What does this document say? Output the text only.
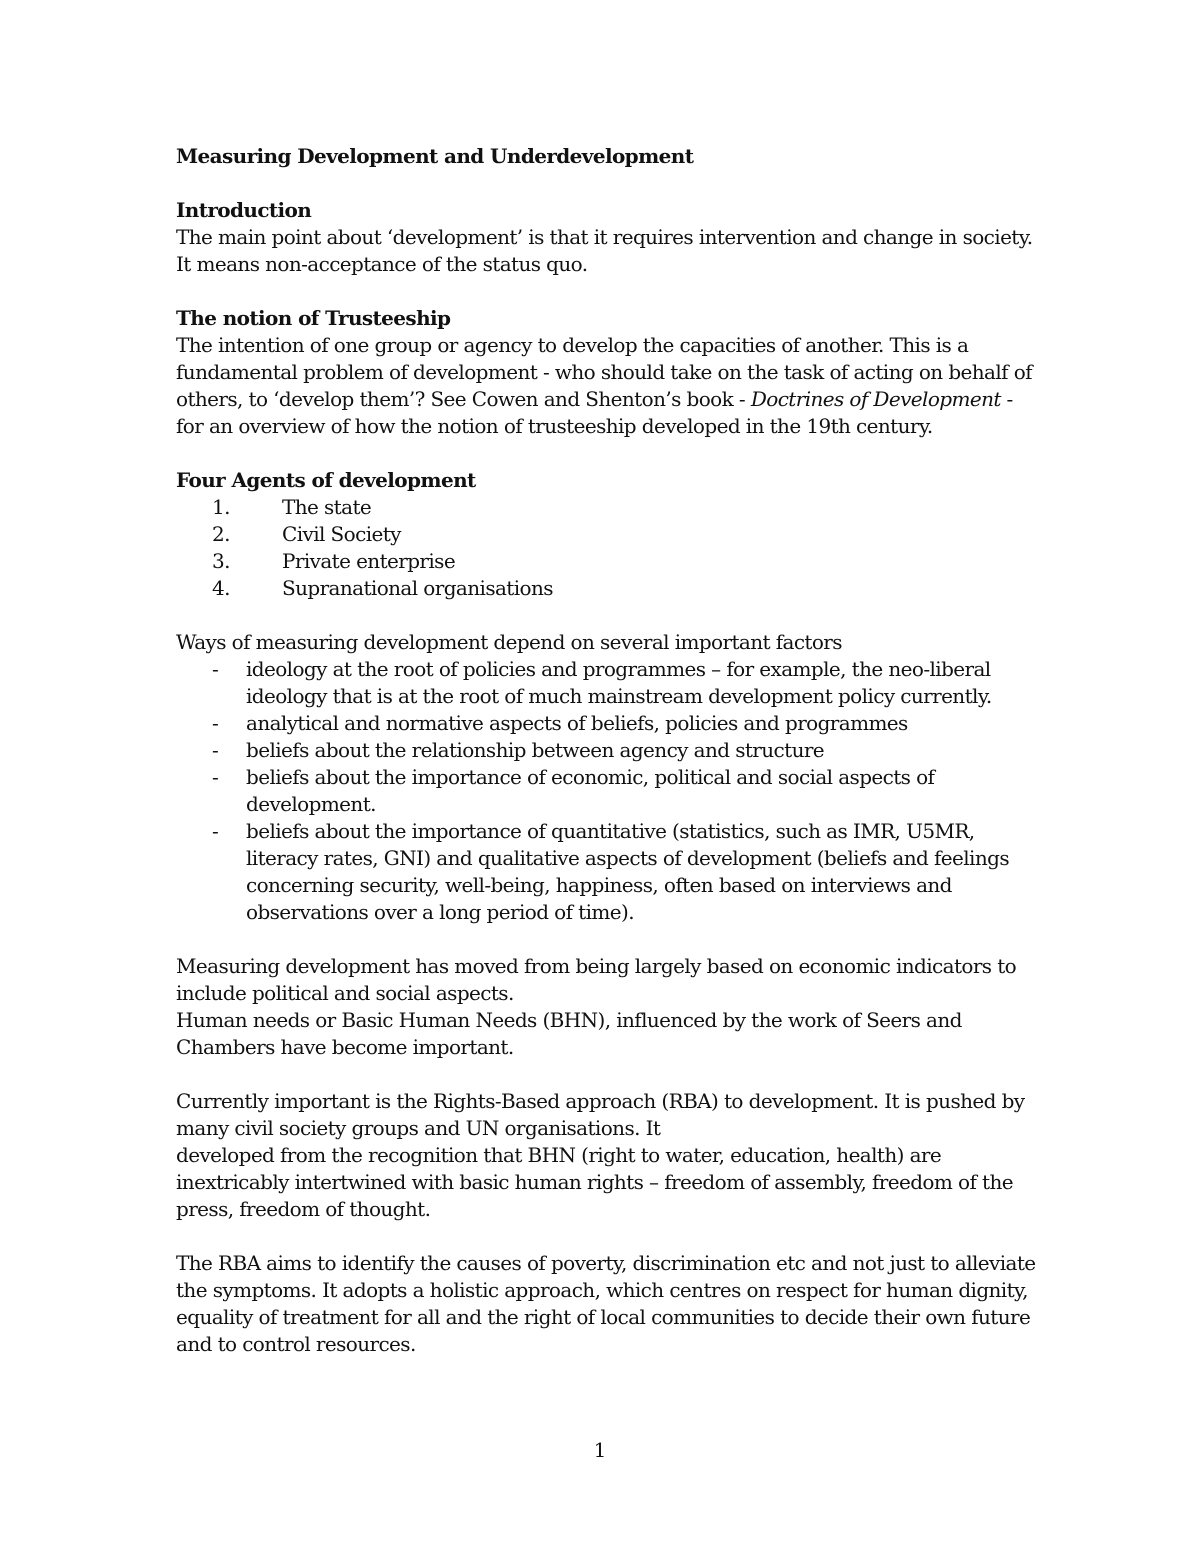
Measuring Development and Underdevelopment

Introduction

The main point about ‘development’ is that it requires intervention and change in society. It means non-acceptance of the status quo.

The notion of Trusteeship

The intention of one group or agency to develop the capacities of another. This is a fundamental problem of development - who should take on the task of acting on behalf of others, to ‘develop them’? See Cowen and Shenton’s book - Doctrines of Development - for an overview of how the notion of trusteeship developed in the 19th century.

Four Agents of development

1.	The state
2.	Civil Society
3.	Private enterprise
4.	Supranational organisations

Ways of measuring development depend on several important factors

- ideology at the root of policies and programmes – for example, the neo-liberal ideology that is at the root of much mainstream development policy currently.
- analytical and normative aspects of beliefs, policies and programmes
- beliefs about the relationship between agency and structure
- beliefs about the importance of economic, political and social aspects of development.
- beliefs about the importance of quantitative (statistics, such as IMR, U5MR, literacy rates, GNI) and qualitative aspects of development (beliefs and feelings concerning security, well-being, happiness, often based on interviews and observations over a long period of time).

Measuring development has moved from being largely based on economic indicators to include political and social aspects.

Human needs or Basic Human Needs (BHN), influenced by the work of Seers and Chambers have become important.

Currently important is the Rights-Based approach (RBA) to development. It is pushed by many civil society groups and UN organisations. It

developed from the recognition that BHN (right to water, education, health) are inextricably intertwined with basic human rights – freedom of assembly, freedom of the press, freedom of thought.

The RBA aims to identify the causes of poverty, discrimination etc and not just to alleviate the symptoms. It adopts a holistic approach, which centres on respect for human dignity, equality of treatment for all and the right of local communities to decide their own future and to control resources.

1
